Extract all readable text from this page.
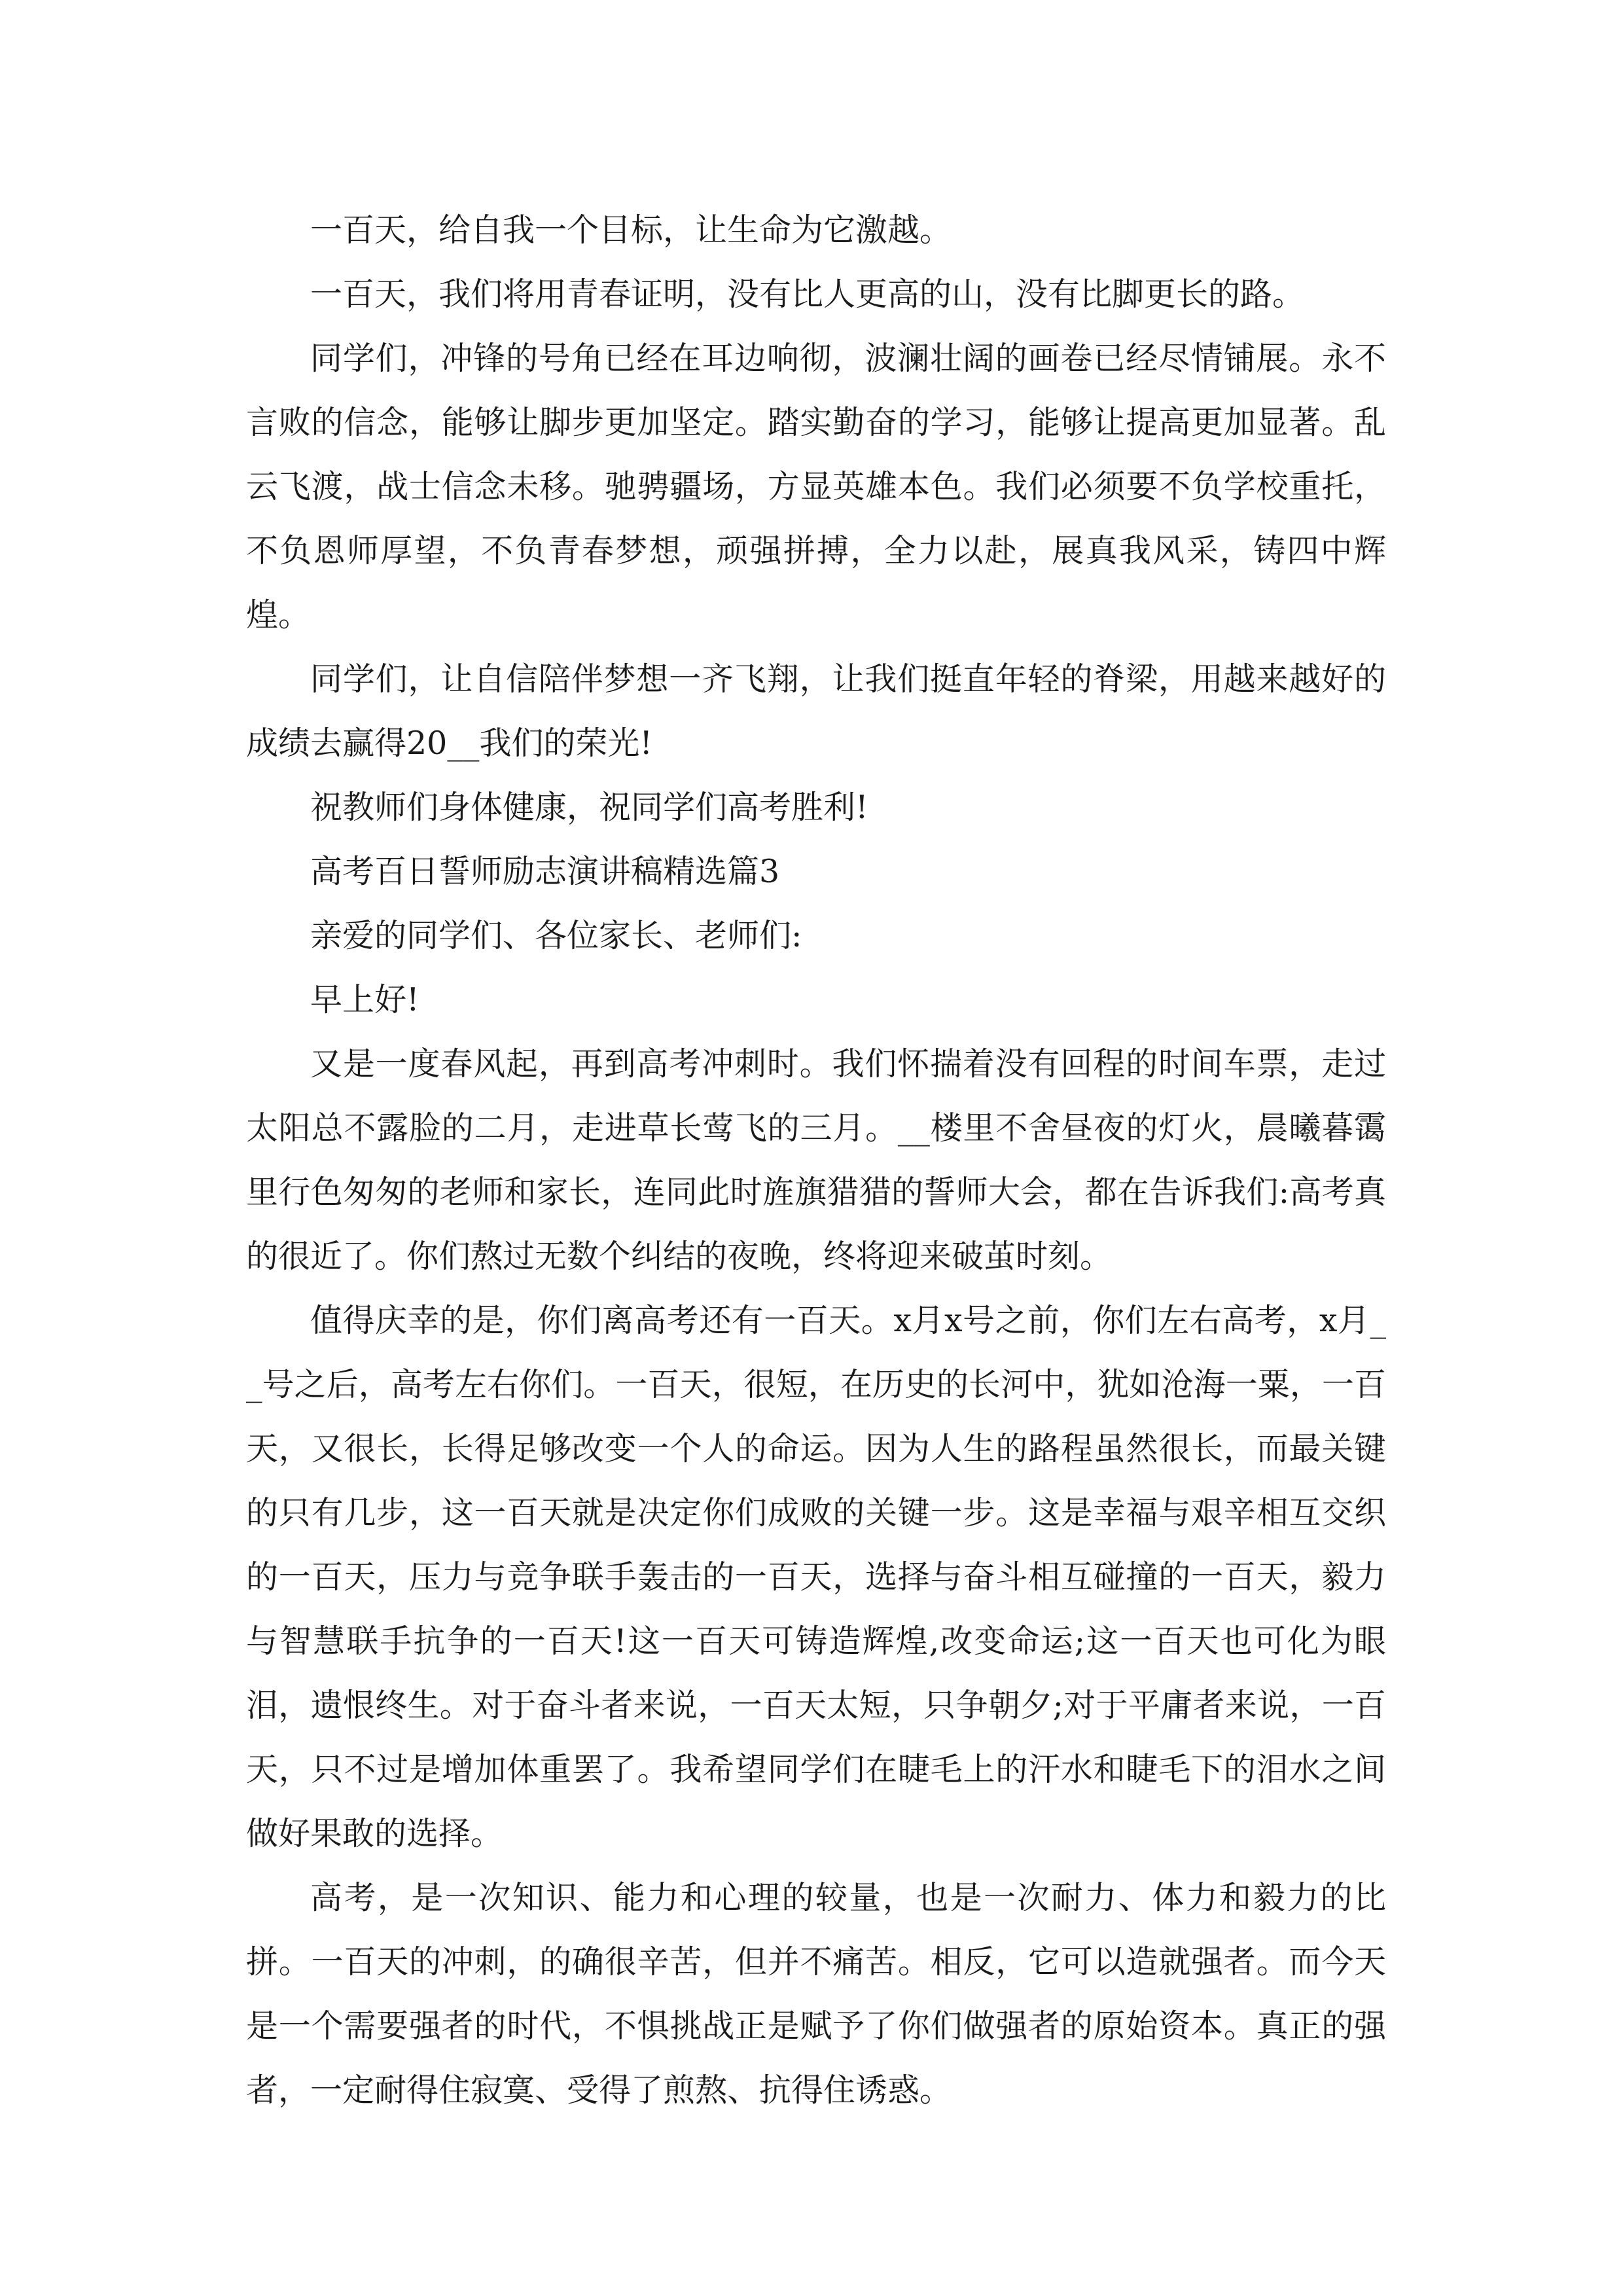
一百天，给自我一个目标，让生命为它激越。

一百天，我们将用青春证明，没有比人更高的山，没有比脚更长的路。

同学们，冲锋的号角已经在耳边响彻，波澜壮阔的画卷已经尽情铺展。永不言败的信念，能够让脚步更加坚定。踏实勤奋的学习，能够让提高更加显著。乱云飞渡，战士信念未移。驰骋疆场，方显英雄本色。我们必须要不负学校重托，不负恩师厚望，不负青春梦想，顽强拼搏，全力以赴，展真我风采，铸四中辉煌。

同学们，让自信陪伴梦想一齐飞翔，让我们挺直年轻的脊梁，用越来越好的成绩去赢得20__我们的荣光!

祝教师们身体健康，祝同学们高考胜利!

高考百日誓师励志演讲稿精选篇3

亲爱的同学们、各位家长、老师们:

早上好!

又是一度春风起，再到高考冲刺时。我们怀揣着没有回程的时间车票，走过太阳总不露脸的二月，走进草长莺飞的三月。__楼里不舍昼夜的灯火，晨曦暮霭里行色匆匆的老师和家长，连同此时旌旗猎猎的誓师大会，都在告诉我们:高考真的很近了。你们熬过无数个纠结的夜晚，终将迎来破茧时刻。

值得庆幸的是，你们离高考还有一百天。x月x号之前，你们左右高考，x月__号之后，高考左右你们。一百天，很短，在历史的长河中，犹如沧海一粟，一百天，又很长，长得足够改变一个人的命运。因为人生的路程虽然很长，而最关键的只有几步，这一百天就是决定你们成败的关键一步。这是幸福与艰辛相互交织的一百天，压力与竞争联手轰击的一百天，选择与奋斗相互碰撞的一百天，毅力与智慧联手抗争的一百天!这一百天可铸造辉煌,改变命运;这一百天也可化为眼泪，遗恨终生。对于奋斗者来说，一百天太短，只争朝夕;对于平庸者来说，一百天，只不过是增加体重罢了。我希望同学们在睫毛上的汗水和睫毛下的泪水之间做好果敢的选择。

高考，是一次知识、能力和心理的较量，也是一次耐力、体力和毅力的比拼。一百天的冲刺，的确很辛苦，但并不痛苦。相反，它可以造就强者。而今天是一个需要强者的时代，不惧挑战正是赋予了你们做强者的原始资本。真正的强者，一定耐得住寂寞、受得了煎熬、抗得住诱惑。
